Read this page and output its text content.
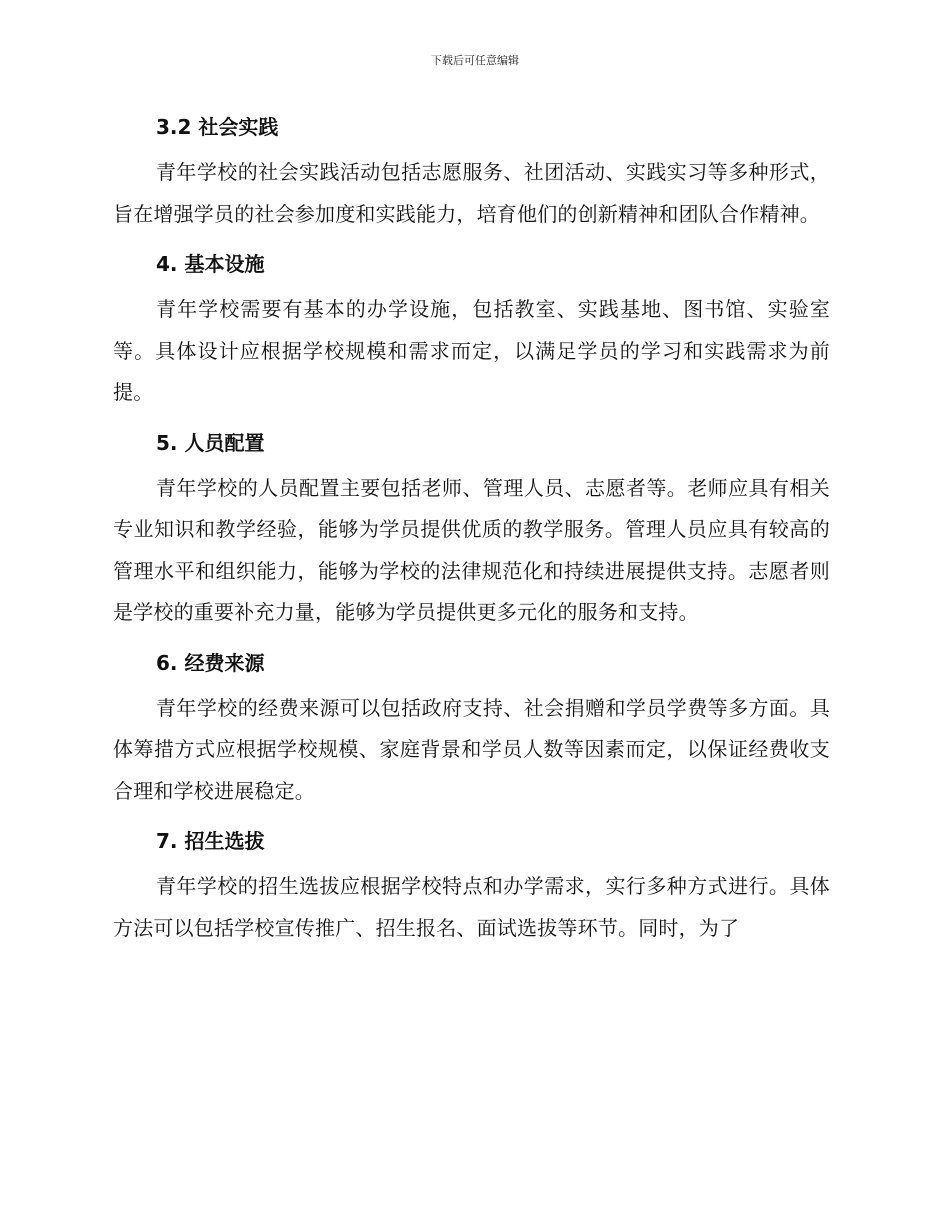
下载后可任意编辑
3.2 社会实践

青年学校的社会实践活动包括志愿服务、社团活动、实践实习等多种形式，旨在增强学员的社会参加度和实践能力，培育他们的创新精神和团队合作精神。

4. 基本设施

青年学校需要有基本的办学设施，包括教室、实践基地、图书馆、实验室等。具体设计应根据学校规模和需求而定，以满足学员的学习和实践需求为前提。

5. 人员配置

青年学校的人员配置主要包括老师、管理人员、志愿者等。老师应具有相关专业知识和教学经验，能够为学员提供优质的教学服务。管理人员应具有较高的管理水平和组织能力，能够为学校的法律规范化和持续进展提供支持。志愿者则是学校的重要补充力量，能够为学员提供更多元化的服务和支持。

6. 经费来源

青年学校的经费来源可以包括政府支持、社会捐赠和学员学费等多方面。具体筹措方式应根据学校规模、家庭背景和学员人数等因素而定，以保证经费收支合理和学校进展稳定。

7. 招生选拔

青年学校的招生选拔应根据学校特点和办学需求，实行多种方式进行。具体方法可以包括学校宣传推广、招生报名、面试选拔等环节。同时，为了
